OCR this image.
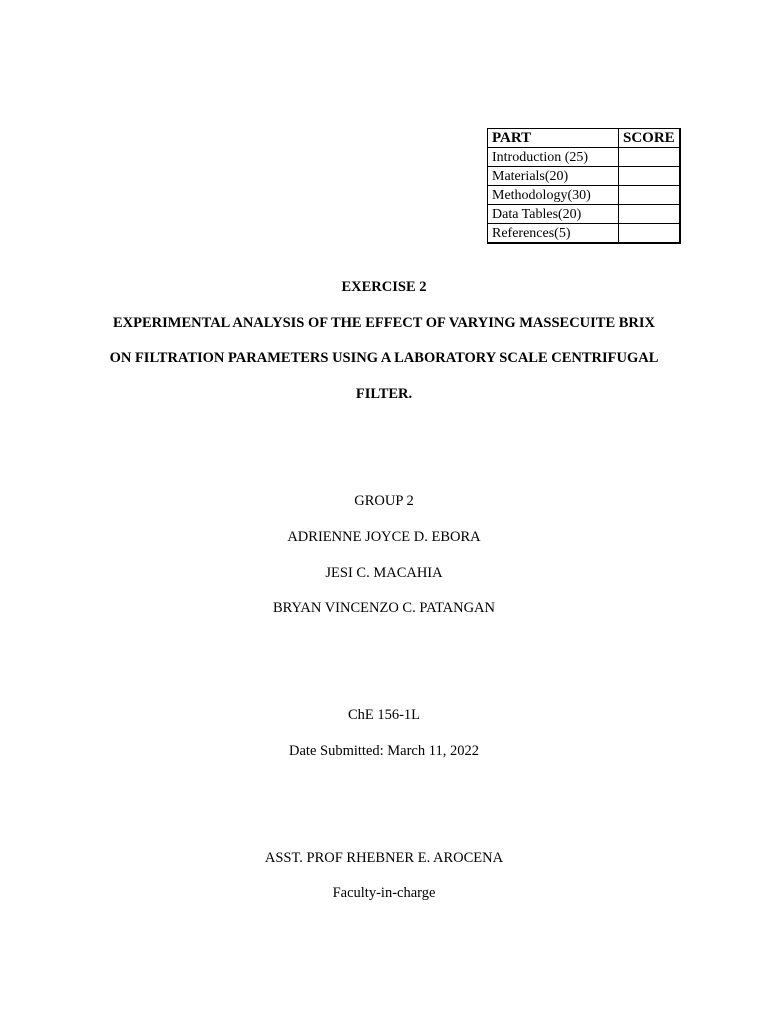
PART	SCORE
Introduction (25)	
Materials(20)	
Methodology(30)	
Data Tables(20)	
References(5)	
EXERCISE 2
EXPERIMENTAL ANALYSIS OF THE EFFECT OF VARYING MASSECUITE BRIX
ON FILTRATION PARAMETERS USING A LABORATORY SCALE CENTRIFUGAL
FILTER.
GROUP 2
ADRIENNE JOYCE D. EBORA
JESI C. MACAHIA
BRYAN VINCENZO C. PATANGAN
ChE 156-1L
Date Submitted: March 11, 2022
ASST. PROF RHEBNER E. AROCENA
Faculty-in-charge
